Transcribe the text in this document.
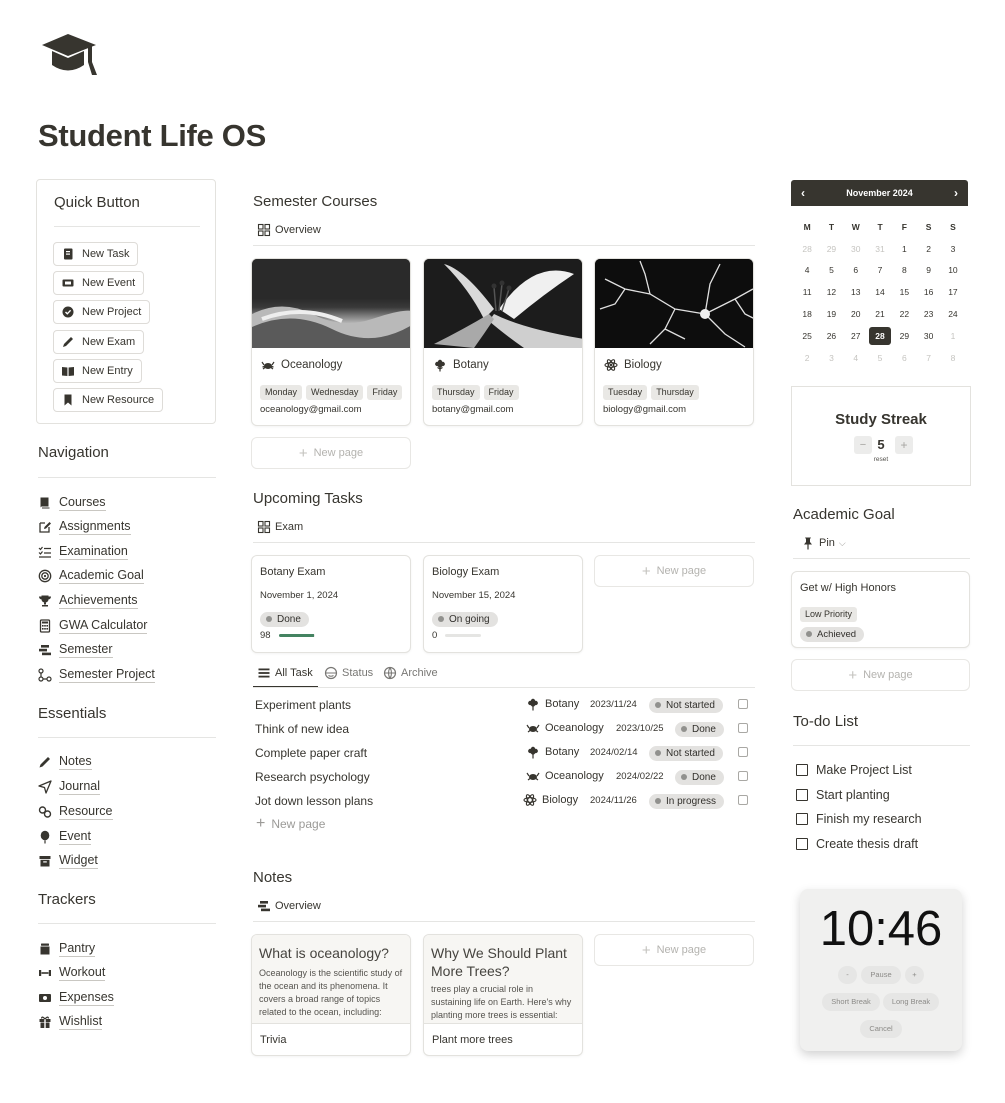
Student Life OS
Quick Button
New Task
New Event
New Project
New Exam
New Entry
New Resource
Navigation
Courses
Assignments
Examination
Academic Goal
Achievements
GWA Calculator
Semester
Semester Project
Essentials
Notes
Journal
Resource
Event
Widget
Trackers
Pantry
Workout
Expenses
Wishlist
Semester Courses
Overview
Oceanology
Monday Wednesday Friday
oceanology@gmail.com
Botany
Thursday Friday
botany@gmail.com
Biology
Tuesday Thursday
biology@gmail.com
+ New page
Upcoming Tasks
Exam
Botany Exam
November 1, 2024
Done
98
Biology Exam
November 15, 2024
On going
0
+ New page
All Task	Status	Archive
Experiment plants	Botany 2023/11/24	Not started
Think of new idea	Oceanology 2023/10/25	Done
Complete paper craft	Botany 2024/02/14	Not started
Research psychology	Oceanology 2024/02/22	Done
Jot down lesson plans	Biology 2024/11/26	In progress
+ New page
Notes
Overview
What is oceanology?
Oceanology is the scientific study of the ocean and its phenomena. It covers a broad range of topics related to the ocean, including:
Trivia
Why We Should Plant More Trees?
trees play a crucial role in sustaining life on Earth. Here's why planting more trees is essential:
Plant more trees
+ New page
‹	November 2024	›
M	T	W	T	F	S	S
28	29	30	31	1	2	3
4	5	6	7	8	9	10
11	12	13	14	15	16	17
18	19	20	21	22	23	24
25	26	27	28	29	30	1
2	3	4	5	6	7	8
Study Streak
− 5	+
reset
Academic Goal
Pin ⌵
Get w/ High Honors
Low Priority
Achieved
+ New page
To-do List
Make Project List
Start planting
Finish my research
Create thesis draft
10:46
-	Pause	+
Short Break	Long Break
Cancel
